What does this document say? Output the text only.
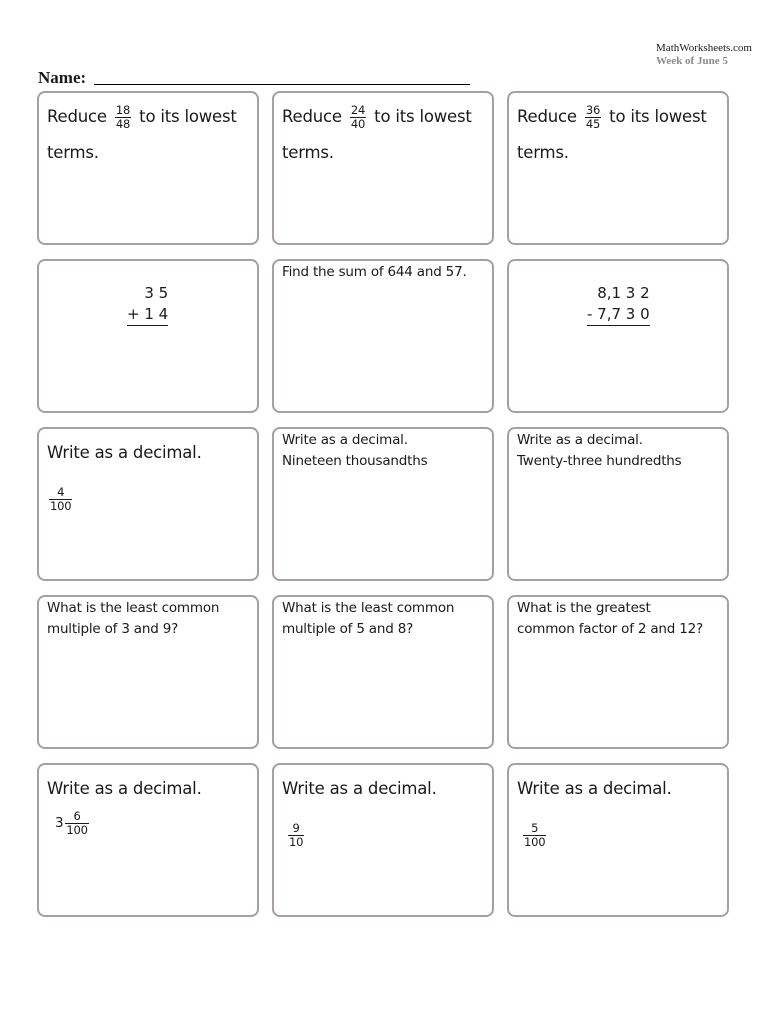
MathWorksheets.com
Week of June 5
Name:
Reduce $\frac{18}{48}$ to its lowest
terms.
Reduce $\frac{24}{40}$ to its lowest
terms.
Reduce $\frac{36}{45}$ to its lowest
terms.
3 5
+ 1 4
Find the sum of 644 and 57.
8,1 3 2
- 7,7 3 0
Write as a decimal.
$\frac{4}{100}$
Write as a decimal.
Nineteen thousandths
Write as a decimal.
Twenty-three hundredths
What is the least common
multiple of 3 and 9?
What is the least common
multiple of 5 and 8?
What is the greatest
common factor of 2 and 12?
Write as a decimal.
$3 \frac{6}{100}$
Write as a decimal.
$\frac{9}{10}$
Write as a decimal.
$\frac{5}{100}$
